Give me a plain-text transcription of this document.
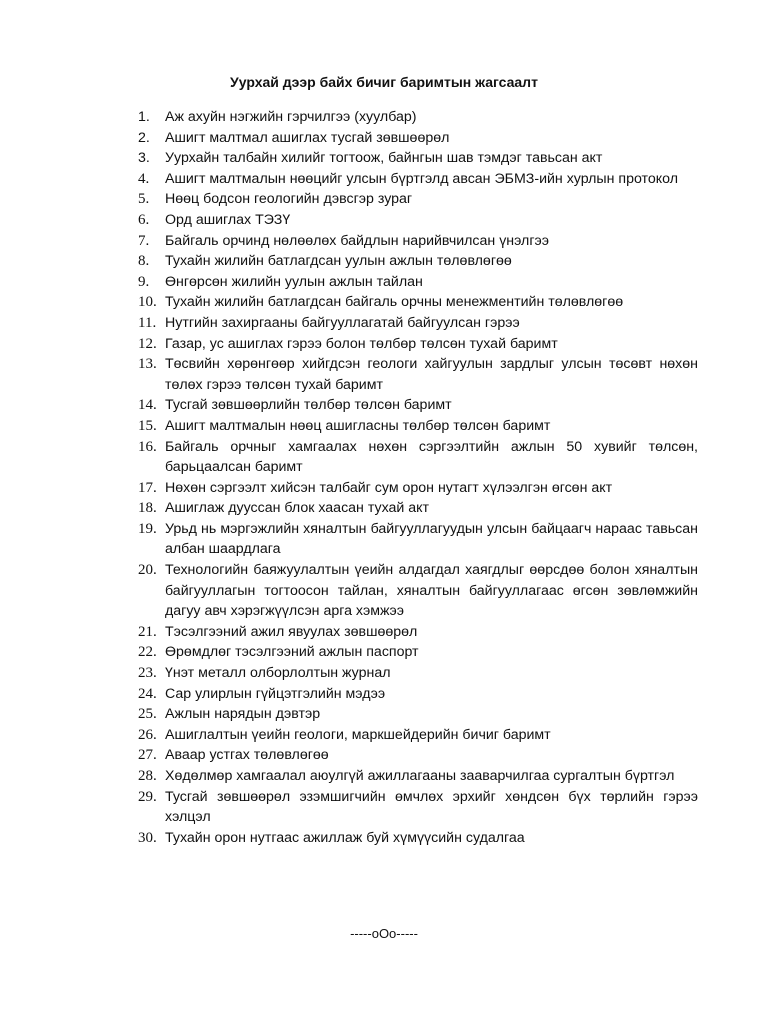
Уурхай дээр байх бичиг баримтын жагсаалт
1.	Аж ахуйн нэгжийн гэрчилгээ (хуулбар)
2.	Ашигт малтмал ашиглах тусгай зөвшөөрөл
3.	Уурхайн талбайн хилийг тогтоож, байнгын шав тэмдэг тавьсан акт
4.	Ашигт малтмалын нөөцийг улсын бүртгэлд авсан ЭБМЗ-ийн хурлын протокол
5.	Нөөц бодсон геологийн дэвсгэр зураг
6.	Орд ашиглах ТЭЗҮ
7.	Байгаль орчинд нөлөөлөх байдлын нарийвчилсан үнэлгээ
8.	Тухайн жилийн батлагдсан уулын ажлын төлөвлөгөө
9.	Өнгөрсөн жилийн уулын ажлын тайлан
10. Тухайн жилийн батлагдсан байгаль орчны менежментийн төлөвлөгөө
11. Нутгийн захиргааны байгууллагатай байгуулсан гэрээ
12. Газар, ус ашиглах гэрээ болон төлбөр төлсөн тухай баримт
13. Төсвийн хөрөнгөөр хийгдсэн геологи хайгуулын зардлыг улсын төсөвт нөхөн төлөх гэрээ төлсөн тухай баримт
14. Тусгай зөвшөөрлийн төлбөр төлсөн баримт
15. Ашигт малтмалын нөөц ашигласны төлбөр төлсөн баримт
16. Байгаль орчныг хамгаалах нөхөн сэргээлтийн ажлын 50 хувийг төлсөн, барьцаалсан баримт
17. Нөхөн сэргээлт хийсэн талбайг сум орон нутагт хүлээлгэн өгсөн акт
18. Ашиглаж дууссан блок хаасан тухай акт
19. Урьд нь мэргэжлийн хяналтын байгууллагуудын улсын байцаагч нараас тавьсан албан шаардлага
20. Технологийн баяжуулалтын үеийн алдагдал хаягдлыг өөрсдөө болон хяналтын байгууллагын тогтоосон тайлан, хяналтын байгууллагаас өгсөн зөвлөмжийн дагуу авч хэрэгжүүлсэн арга хэмжээ
21. Тэсэлгээний ажил явуулах зөвшөөрөл
22. Өрөмдлөг тэсэлгээний ажлын паспорт
23. Үнэт металл олборлолтын журнал
24. Сар улирлын гүйцэтгэлийн мэдээ
25. Ажлын нарядын дэвтэр
26. Ашиглалтын үеийн геологи, маркшейдерийн бичиг баримт
27. Аваар устгах төлөвлөгөө
28. Хөдөлмөр хамгаалал аюулгүй ажиллагааны зааварчилгаа сургалтын бүртгэл
29. Тусгай зөвшөөрөл эзэмшигчийн өмчлөх эрхийг хөндсөн бүх төрлийн гэрээ хэлцэл
30. Тухайн орон нутгаас ажиллаж буй хүмүүсийн судалгаа
-----oOo-----
